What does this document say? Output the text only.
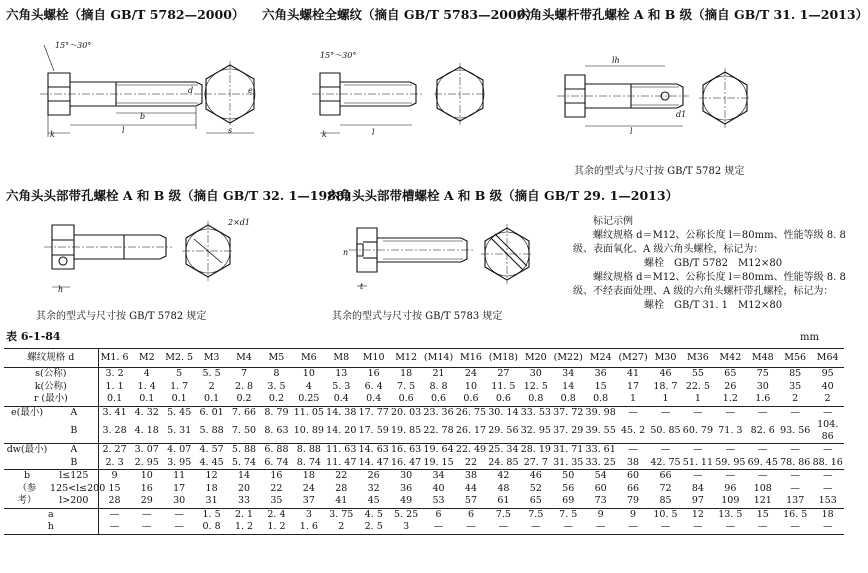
六角头螺栓（摘自 GB/T 5782—2000） 六角头螺栓全螺纹（摘自 GB/T 5783—2000）
六角头螺杆带孔螺栓 A 和 B 级（摘自 GB/T 31. 1—2013）
六角头头部带孔螺栓 A 和 B 级（摘自 GB/T 32. 1—1988）
六角头头部带槽螺栓 A 和 B 级（摘自 GB/T 29. 1—2013）
15°～30°
b
l
k	s
e
d
15°～30°
l
k
lh
d1
l
其余的型式与尺寸按 GB/T 5782 规定
2×d1
h
其余的型式与尺寸按 GB/T 5782 规定
n
t
其余的型式与尺寸按 GB/T 5783 规定
标记示例
螺纹规格 d＝M12、公称长度 l＝80mm、性能等级 8. 8
级、表面氧化、A 级六角头螺栓，标记为：
螺栓　GB/T 5782　M12×80
螺纹规格 d＝M12、公称长度 l＝80mm、性能等级 8. 8
级、不经表面处理、A 级的六角头螺杆带孔螺栓，标记为：
螺栓　GB/T 31. 1　M12×80
表 6-1-84	mm
螺纹规格 d		M1. 6	M2	M2. 5	M3	M4	M5	M6	M8	M10	M12	(M14)	M16	(M18)	M20	(M22)	M24	(M27)	M30	M36	M42	M48	M56	M64
s(公称)		3. 2	4	5	5. 5	7	8	10	13	16	18	21	24	27	30	34	36	41	46	55	65	75	85	95
k(公称)		1. 1	1. 4	1. 7	2	2. 8	3. 5	4	5. 3	6. 4	7. 5	8. 8	10	11. 5	12. 5	14	15	17	18. 7	22. 5	26	30	35	40
r (最小)		0.1	0.1	0.1	0.1	0.2	0.2	0.25	0.4	0.4	0.6	0.6	0.6	0.6	0.8	0.8	0.8	1	1	1	1.2	1.6	2	2
e(最小)	A	3. 41	4. 32	5. 45	6. 01	7. 66	8. 79	11. 05	14. 38	17. 77	20. 03	23. 36	26. 75	30. 14	33. 53	37. 72	39. 98	—	—	—	—	—	—	—
	B	3. 28	4. 18	5. 31	5. 88	7. 50	8. 63	10. 89	14. 20	17. 59	19. 85	22. 78	26. 17	29. 56	32. 95	37. 29	39. 55	45. 2	50. 85	60. 79	71. 3	82. 6	93. 56	104. 86
dw(最小)	A	2. 27	3. 07	4. 07	4. 57	5. 88	6. 88	8. 88	11. 63	14. 63	16. 63	19. 64	22. 49	25. 34	28. 19	31. 71	33. 61	—	—	—	—	—	—	—
	B	2. 3	2. 95	3. 95	4. 45	5. 74	6. 74	8. 74	11. 47	14. 47	16. 47	19. 15	22	24. 85	27. 7	31. 35	33. 25	38	42. 75	51. 11	59. 95	69. 45	78. 86	88. 16
b	l≤125	9	10	11	12	14	16	18	22	26	30	34	38	42	46	50	54	60	66	—	—	—	—	—
（参	125<l≤200	15	16	17	18	20	22	24	28	32	36	40	44	48	52	56	60	66	72	84	96	108	—	—
考）	l>200	28	29	30	31	33	35	37	41	45	49	53	57	61	65	69	73	79	85	97	109	121	137	153
a		—	—	—	1. 5	2. 1	2. 4	3	3. 75	4. 5	5. 25	6	6	7.5	7.5	7. 5	9	9	10. 5	12	13. 5	15	16. 5	18
h		—	—	—	0. 8	1. 2	1. 2	1. 6	2	2. 5	3	—	—	—	—	—	—	—	—	—	—	—	—	—
